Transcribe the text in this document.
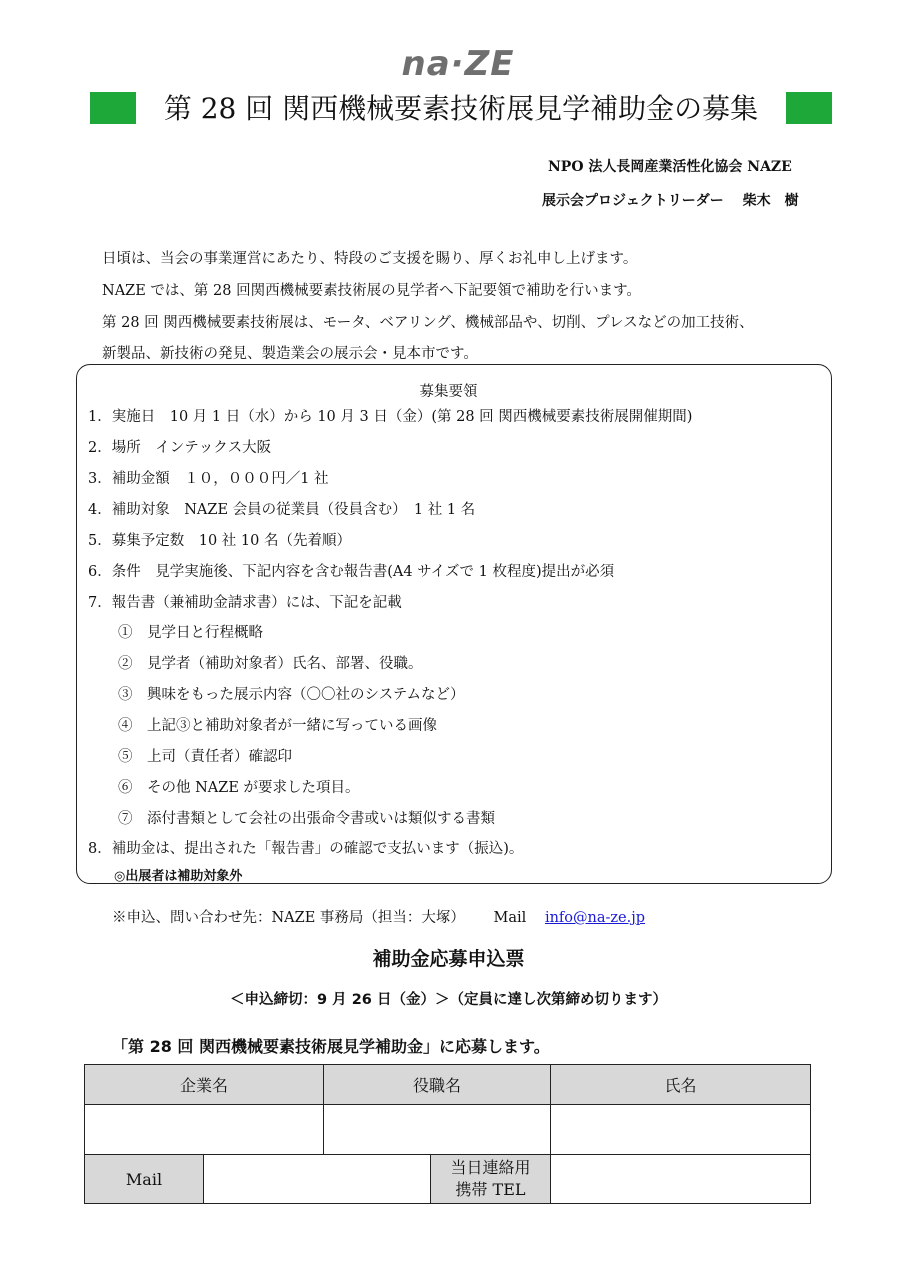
na·ZE
第 28 回 関西機械要素技術展見学補助金の募集
NPO 法人長岡産業活性化協会 NAZE
展示会プロジェクトリーダー　 柴木　樹
日頃は、当会の事業運営にあたり、特段のご支援を賜り、厚くお礼申し上げます。
NAZE では、第 28 回関西機械要素技術展の見学者へ下記要領で補助を行います。
第 28 回 関西機械要素技術展は、モータ、ベアリング、機械部品や、切削、プレスなどの加工技術、
新製品、新技術の発見、製造業会の展示会・見本市です。
募集要領
1．実施日　10 月 1 日（水）から 10 月 3 日（金）(第 28 回 関西機械要素技術展開催期間)
2．場所　インテックス大阪
3．補助金額　１０，０００円／1 社
4．補助対象　NAZE 会員の従業員（役員含む）　1 社 1 名
5．募集予定数　10 社 10 名（先着順）
6．条件　見学実施後、下記内容を含む報告書(A4 サイズで 1 枚程度)提出が必須
7．報告書（兼補助金請求書）には、下記を記載
①　見学日と行程概略
②　見学者（補助対象者）氏名、部署、役職。
③　興味をもった展示内容（〇〇社のシステムなど）
④　上記③と補助対象者が一緒に写っている画像
⑤　上司（責任者）確認印
⑥　その他 NAZE が要求した項目。
⑦　添付書類として会社の出張命令書或いは類似する書類
8．補助金は、提出された「報告書」の確認で支払います（振込)。
◎出展者は補助対象外
※申込、問い合わせ先：NAZE 事務局（担当：大塚） Mail info@na-ze.jp
補助金応募申込票
＜申込締切：9 月 26 日（金）＞（定員に達し次第締め切ります）
「第 28 回 関西機械要素技術展見学補助金」に応募します。
企業名	役職名	氏名
Mail
当日連絡用
携帯 TEL
